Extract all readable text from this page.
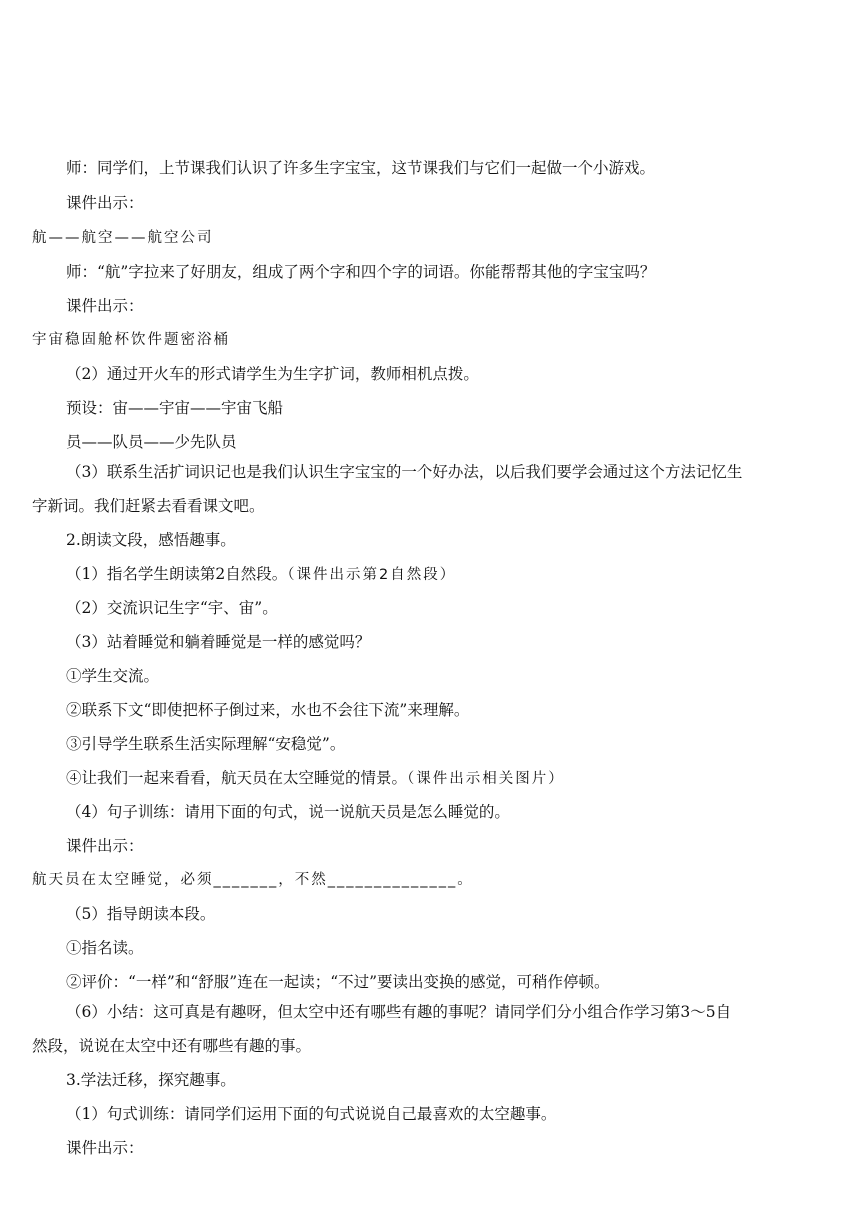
师：同学们，上节课我们认识了许多生字宝宝，这节课我们与它们一起做一个小游戏。
课件出示：
航——航空——航空公司
师：“航”字拉来了好朋友，组成了两个字和四个字的词语。你能帮帮其他的字宝宝吗？
课件出示：
宇宙稳固舱杯饮件题密浴桶
（2）通过开火车的形式请学生为生字扩词，教师相机点拨。
预设：宙——宇宙——宇宙飞船
员——队员——少先队员
（3）联系生活扩词识记也是我们认识生字宝宝的一个好办法，以后我们要学会通过这个方法记忆生
字新词。我们赶紧去看看课文吧。
2.朗读文段，感悟趣事。
（1）指名学生朗读第2自然段。（课件出示第2自然段）
（2）交流识记生字“宇、宙”。
（3）站着睡觉和躺着睡觉是一样的感觉吗？
①学生交流。
②联系下文“即使把杯子倒过来，水也不会往下流”来理解。
③引导学生联系生活实际理解“安稳觉”。
④让我们一起来看看，航天员在太空睡觉的情景。（课件出示相关图片）
（4）句子训练：请用下面的句式，说一说航天员是怎么睡觉的。
课件出示：
航天员在太空睡觉，必须_______，不然______________。
（5）指导朗读本段。
①指名读。
②评价：“一样”和“舒服”连在一起读；“不过”要读出变换的感觉，可稍作停顿。
（6）小结：这可真是有趣呀，但太空中还有哪些有趣的事呢？请同学们分小组合作学习第3～5自
然段，说说在太空中还有哪些有趣的事。
3.学法迁移，探究趣事。
（1）句式训练：请同学们运用下面的句式说说自己最喜欢的太空趣事。
课件出示：
